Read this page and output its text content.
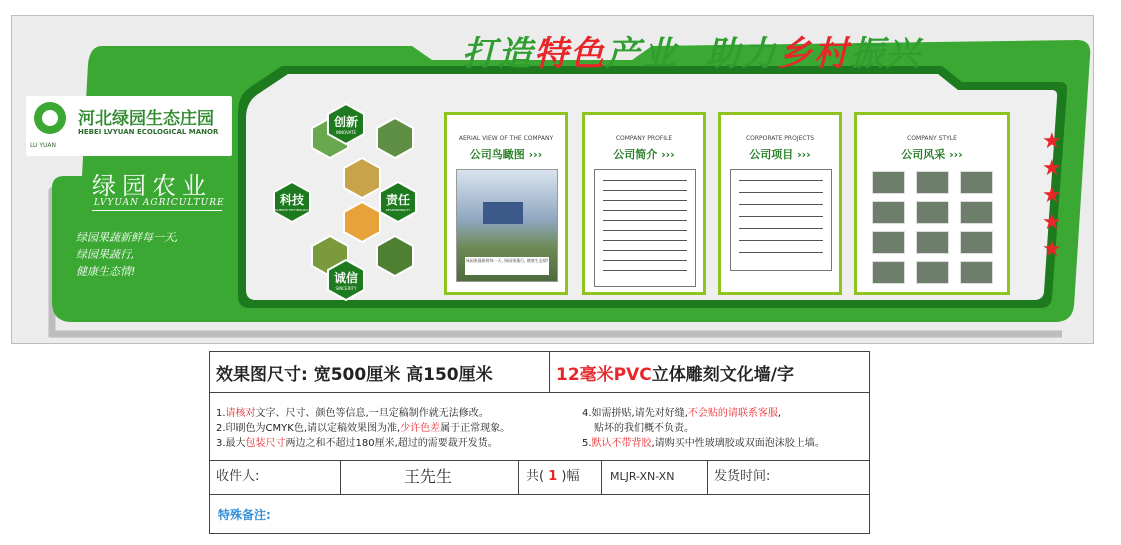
打造特色产业 助力乡村振兴
河北绿园生态庄园
HEBEI LVYUAN ECOLOGICAL MANOR
LU YUAN
绿园农业
LVYUAN AGRICULTURE
绿园果蔬新鲜每一天,
绿园果蔬行,
健康生态情!
创新
INNOVATE
科技
SCIENCE TECHNOLOGY
责任
RESPONSIBILITY
诚信
SINCERITY
AERIAL VIEW OF THE COMPANY
公司鸟瞰图 ›››
绿园果蔬新鲜每一天, 绿园果蔬行, 健康生态情!
COMPANY PROFILE
公司简介 ›››
CORPORATE PROJECTS
公司项目 ›››
COMPANY STYLE
公司风采 ›››
★
★
★
★
★
效果图尺寸: 宽500厘米 高150厘米	12毫米PVC立体雕刻文化墙/字
1.请核对文字、尺寸、颜色等信息,一旦定稿制作就无法修改。
2.印刷色为CMYK色,请以定稿效果图为准,少许色差属于正常现象。
3.最大包装尺寸两边之和不超过180厘米,超过的需要裁开发货。
4.如需拼贴,请先对好缝,不会贴的请联系客服,
贴坏的我们概不负责。
5.默认不带背胶,请购买中性玻璃胶或双面泡沫胶上墙。
收件人:	王先生	共( 1 )幅	MLJR-XN-XN	发货时间:
特殊备注:
